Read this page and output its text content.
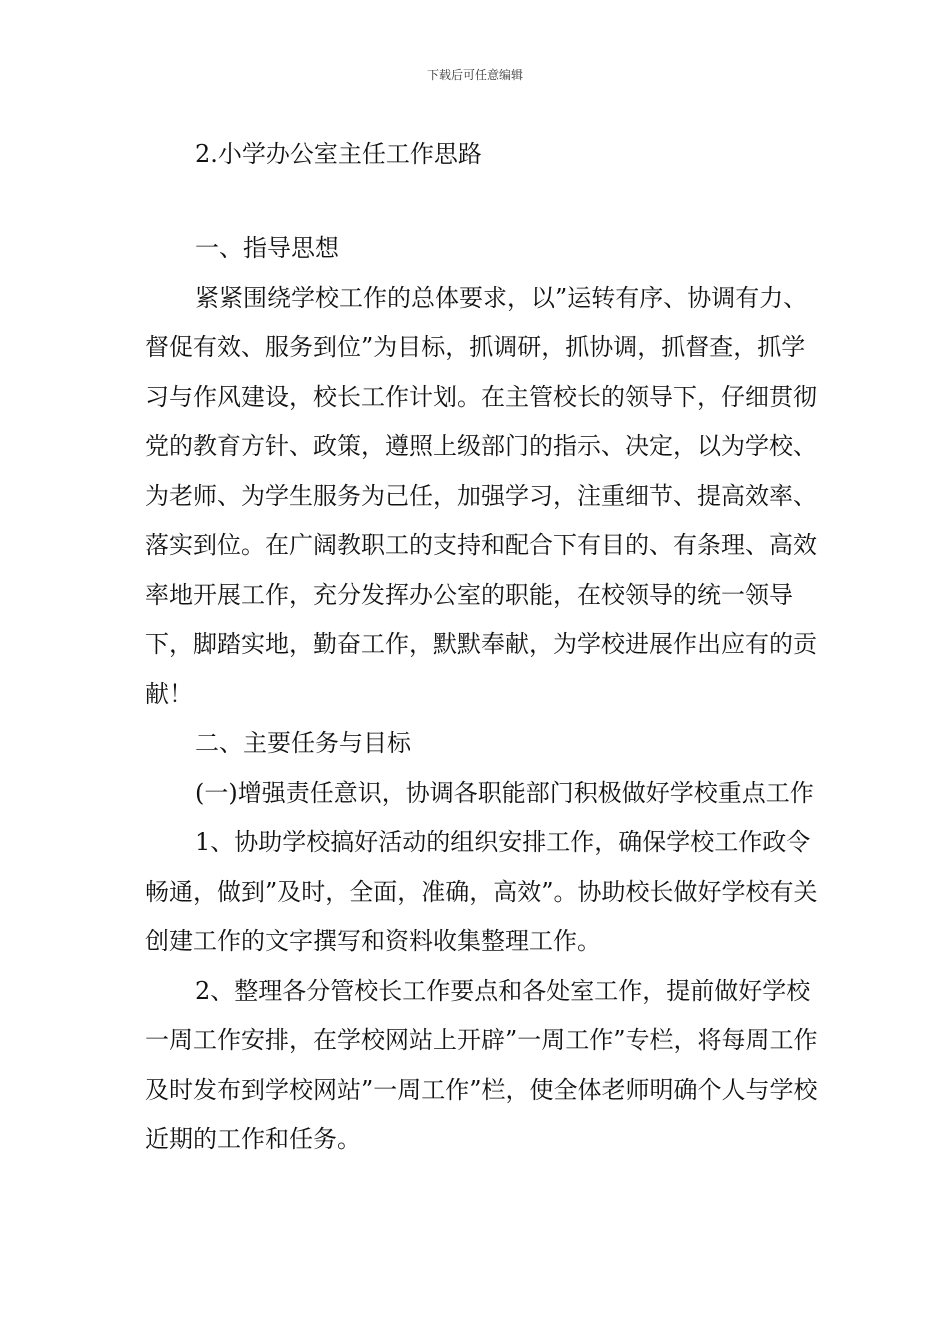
下载后可任意编辑
2.小学办公室主任工作思路

一、指导思想

紧紧围绕学校工作的总体要求，以”运转有序、协调有力、督促有效、服务到位”为目标，抓调研，抓协调，抓督查，抓学习与作风建设，校长工作计划。在主管校长的领导下，仔细贯彻党的教育方针、政策，遵照上级部门的指示、决定，以为学校、为老师、为学生服务为己任，加强学习，注重细节、提高效率、落实到位。在广阔教职工的支持和配合下有目的、有条理、高效率地开展工作，充分发挥办公室的职能，在校领导的统一领导下，脚踏实地，勤奋工作，默默奉献，为学校进展作出应有的贡献！

二、主要任务与目标

(一)增强责任意识，协调各职能部门积极做好学校重点工作

1、协助学校搞好活动的组织安排工作，确保学校工作政令畅通，做到”及时，全面，准确，高效”。协助校长做好学校有关创建工作的文字撰写和资料收集整理工作。

2、整理各分管校长工作要点和各处室工作，提前做好学校一周工作安排，在学校网站上开辟”一周工作”专栏，将每周工作及时发布到学校网站”一周工作”栏，使全体老师明确个人与学校近期的工作和任务。
